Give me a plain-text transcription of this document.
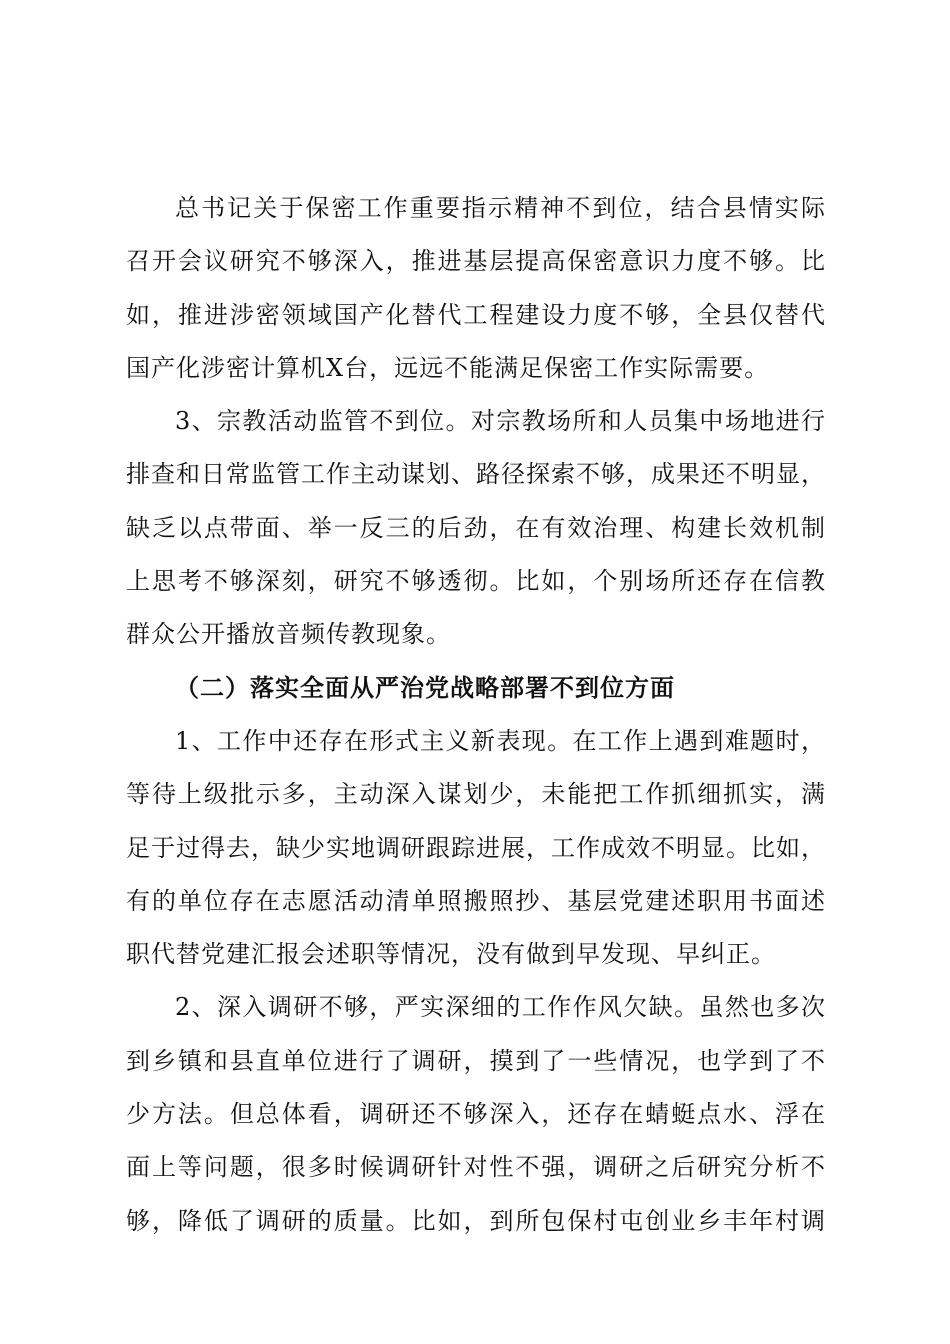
总书记关于保密工作重要指示精神不到位，结合县情实际
召开会议研究不够深入，推进基层提高保密意识力度不够。比
如，推进涉密领域国产化替代工程建设力度不够，全县仅替代
国产化涉密计算机X台，远远不能满足保密工作实际需要。
3、宗教活动监管不到位。对宗教场所和人员集中场地进行
排查和日常监管工作主动谋划、路径探索不够，成果还不明显，
缺乏以点带面、举一反三的后劲，在有效治理、构建长效机制
上思考不够深刻，研究不够透彻。比如，个别场所还存在信教
群众公开播放音频传教现象。
（二）落实全面从严治党战略部署不到位方面
1、工作中还存在形式主义新表现。在工作上遇到难题时，
等待上级批示多，主动深入谋划少，未能把工作抓细抓实，满
足于过得去，缺少实地调研跟踪进展，工作成效不明显。比如，
有的单位存在志愿活动清单照搬照抄、基层党建述职用书面述
职代替党建汇报会述职等情况，没有做到早发现、早纠正。
2、深入调研不够，严实深细的工作作风欠缺。虽然也多次
到乡镇和县直单位进行了调研，摸到了一些情况，也学到了不
少方法。但总体看，调研还不够深入，还存在蜻蜓点水、浮在
面上等问题，很多时候调研针对性不强，调研之后研究分析不
够，降低了调研的质量。比如，到所包保村屯创业乡丰年村调
